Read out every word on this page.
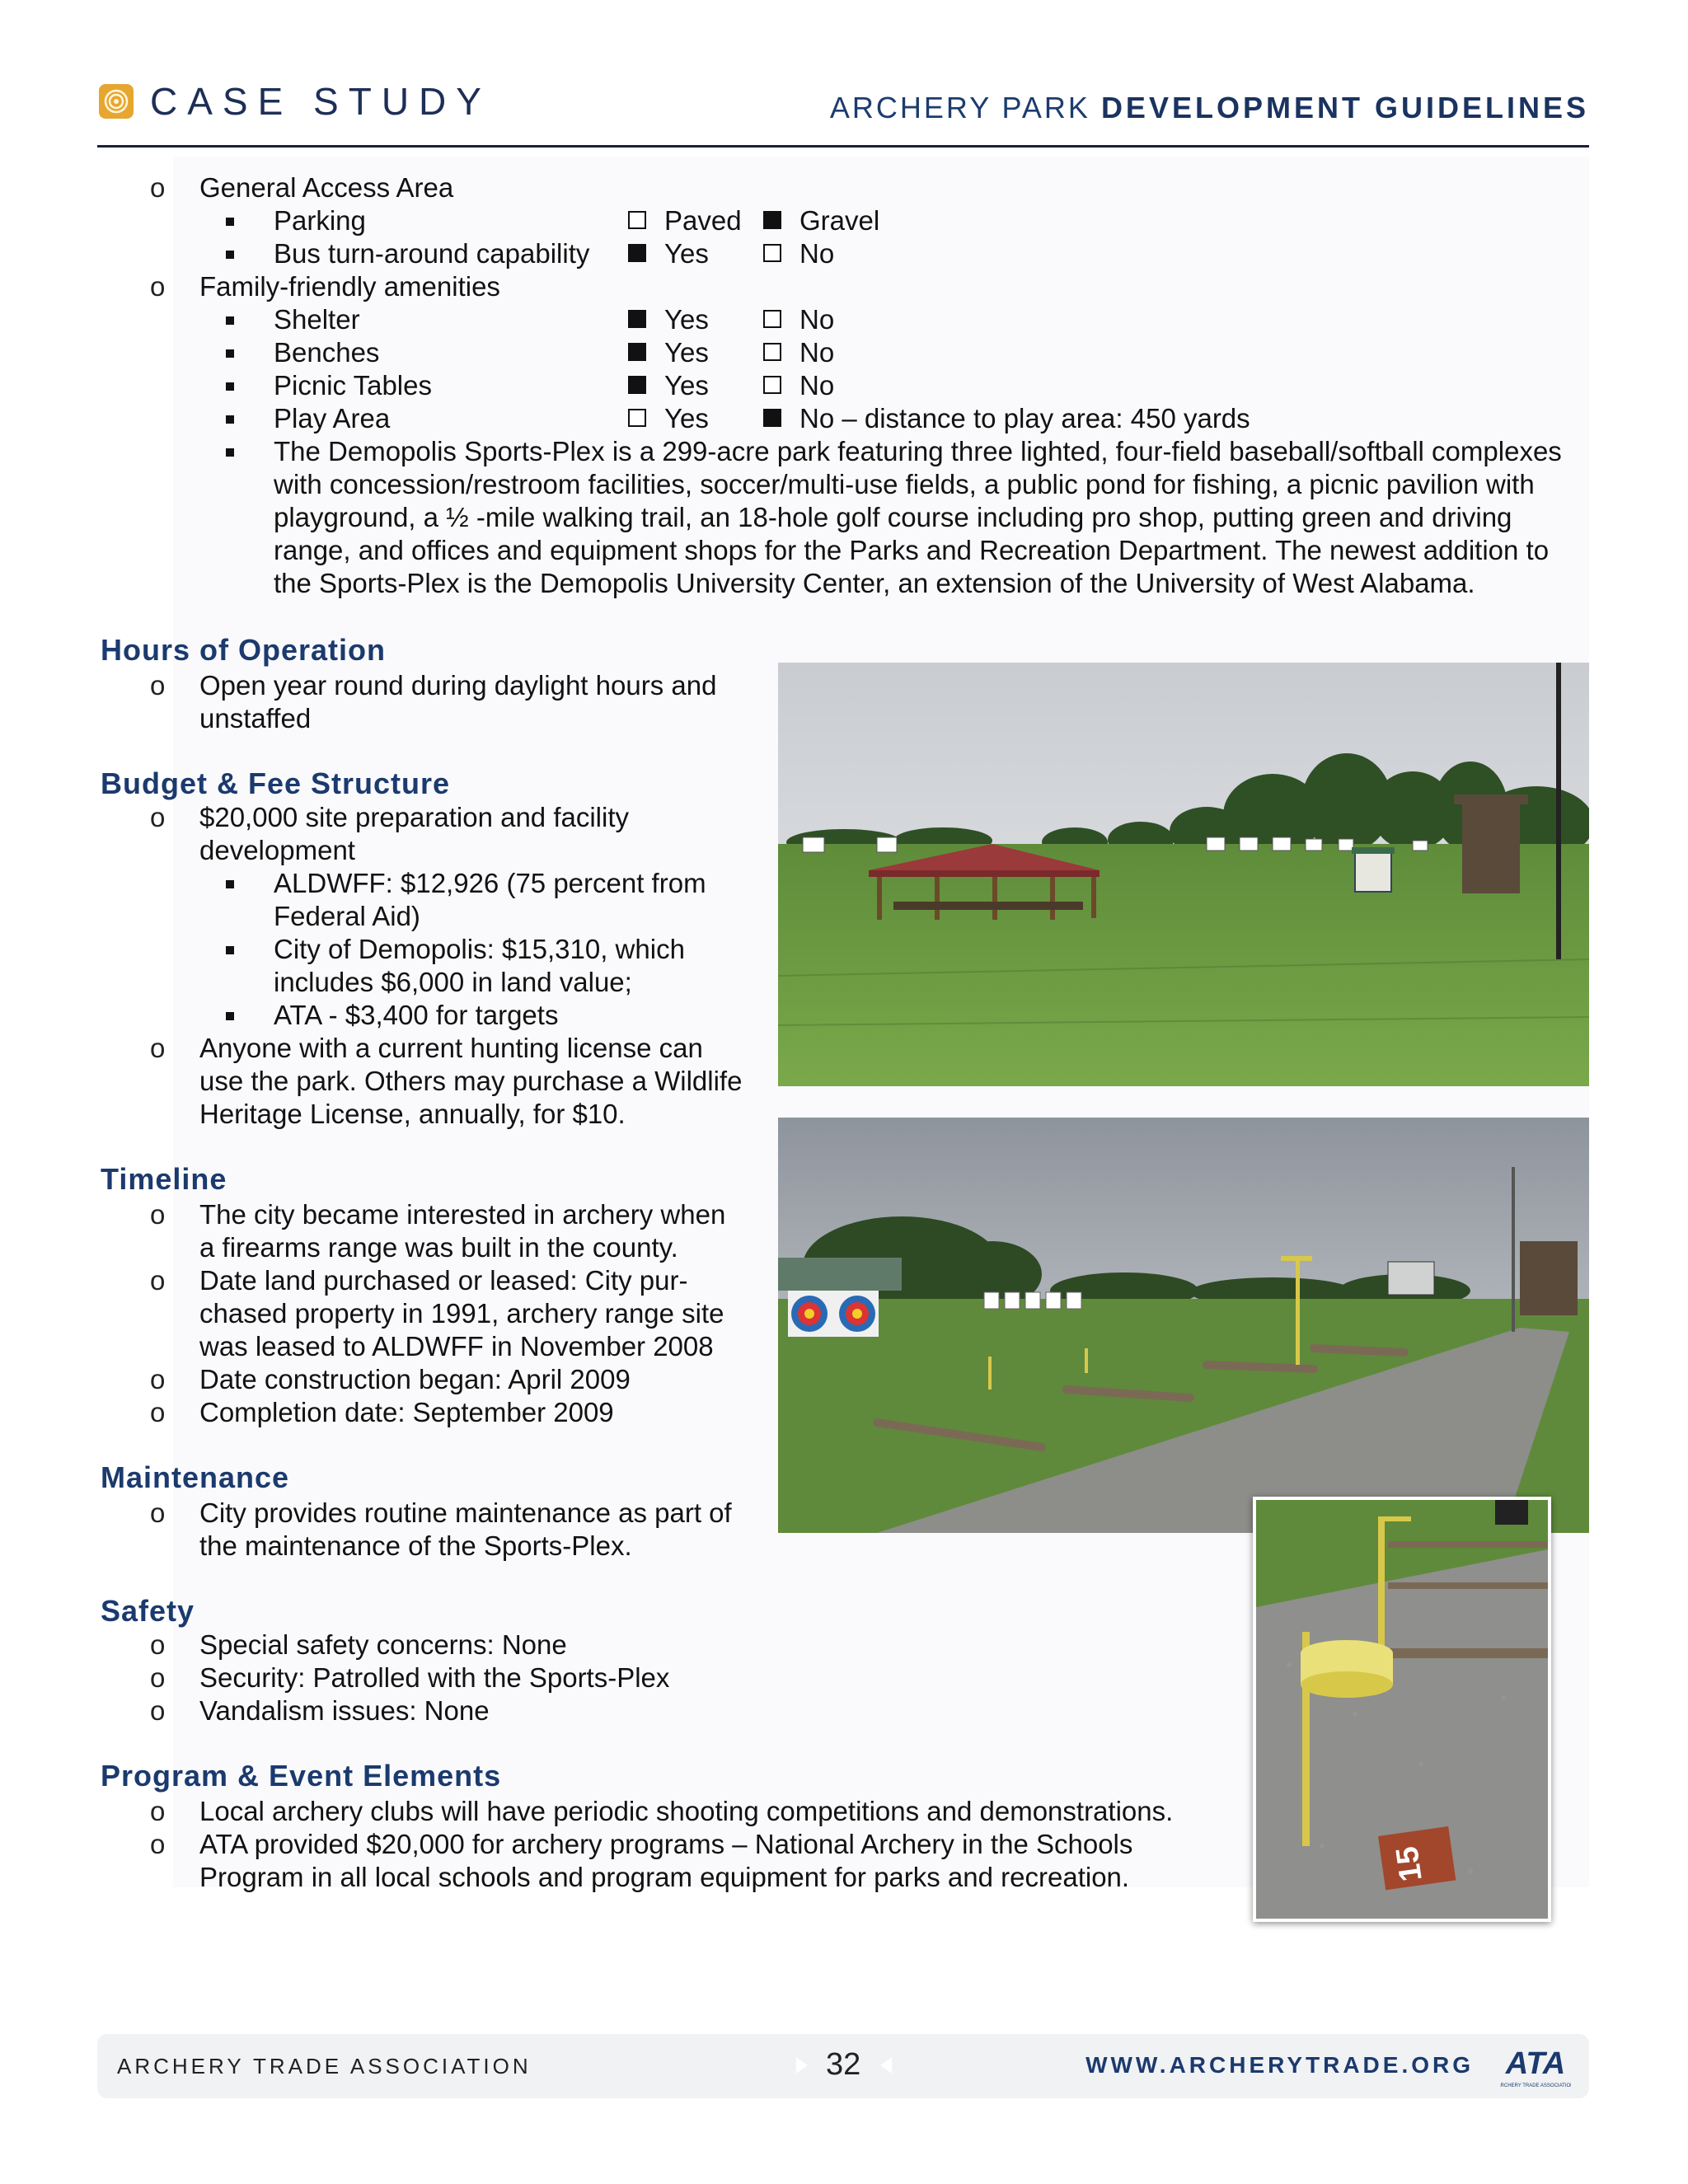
CASE STUDY	ARCHERY PARK DEVELOPMENT GUIDELINES
o General Access Area
Parking	Paved Gravel
Bus turn-around capability	Yes	No
o Family-friendly amenities
Shelter	Yes	No
Benches	Yes	No
Picnic Tables	Yes	No
Play Area	Yes	No – distance to play area: 450 yards
The Demopolis Sports-Plex is a 299-acre park featuring three lighted, four-field baseball/softball complexes
with concession/restroom facilities, soccer/multi-use fields, a public pond for fishing, a picnic pavilion with
playground, a ½ -mile walking trail, an 18-hole golf course including pro shop, putting green and driving
range, and offices and equipment shops for the Parks and Recreation Department. The newest addition to
the Sports-Plex is the Demopolis University Center, an extension of the University of West Alabama.
Hours of Operation
o Open year round during daylight hours and
unstaffed
Budget & Fee Structure
o $20,000 site preparation and facility
development
ALDWFF: $12,926 (75 percent from
Federal Aid)
City of Demopolis: $15,310, which
includes $6,000 in land value;
ATA - $3,400 for targets
o Anyone with a current hunting license can
use the park. Others may purchase a Wildlife
Heritage License, annually, for $10.
Timeline
o The city became interested in archery when
a firearms range was built in the county.
o Date land purchased or leased: City pur-
chased property in 1991, archery range site
was leased to ALDWFF in November 2008
o Date construction began: April 2009
o Completion date: September 2009
Maintenance
o City provides routine maintenance as part of
the maintenance of the Sports-Plex.
Safety
o Special safety concerns: None
o Security: Patrolled with the Sports-Plex
o Vandalism issues: None
Program & Event Elements
o Local archery clubs will have periodic shooting competitions and demonstrations.
o ATA provided $20,000 for archery programs – National Archery in the Schools
Program in all local schools and program equipment for parks and recreation.	15
ARCHERY TRADE ASSOCIATION	32	WWW.ARCHERYTRADE.ORG ATA
ARCHERY TRADE ASSOCIATION
